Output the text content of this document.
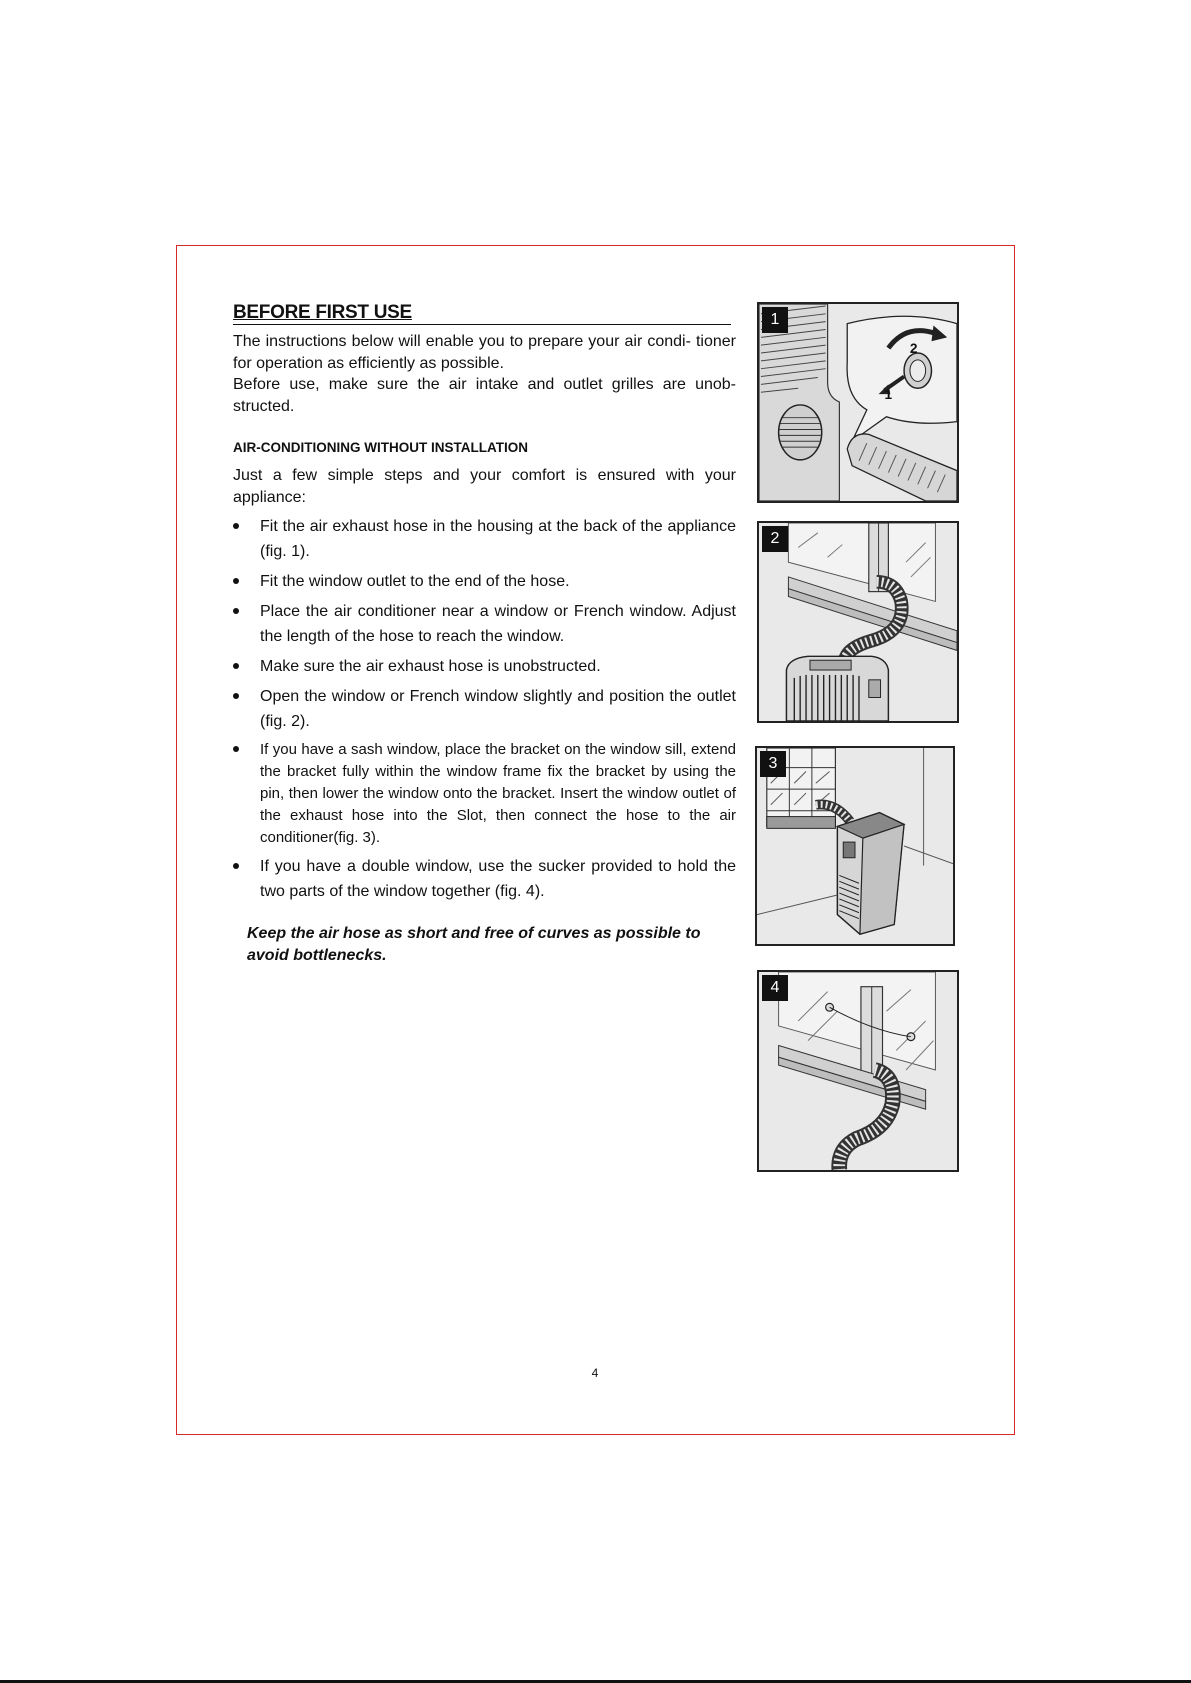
BEFORE FIRST USE

The instructions below will enable you to prepare your air condi- tioner for operation as efficiently as possible.

Before use, make sure the air intake and outlet grilles are unob- structed.

AIR-CONDITIONING WITHOUT INSTALLATION

Just a few simple steps and your comfort is ensured with your appliance:

Fit the air exhaust hose in the housing at the back of the appliance (fig. 1).
Fit the window outlet to the end of the hose.
Place the air conditioner near a window or French window. Adjust the length of the hose to reach the window.
Make sure the air exhaust hose is unobstructed.
Open the window or French window slightly and position the outlet (fig. 2).
If you have a sash window, place the bracket on the window sill, extend the bracket fully within the window frame fix the bracket by using the pin, then lower the window onto the bracket. Insert the window outlet of the exhaust hose into the Slot, then connect the hose to the air conditioner(fig. 3).
If you have a double window, use the sucker provided to hold the two parts of the window together (fig. 4).

Keep the air hose as short and free of curves as possible to avoid bottlenecks.

2
1
1
2
3
4
4
